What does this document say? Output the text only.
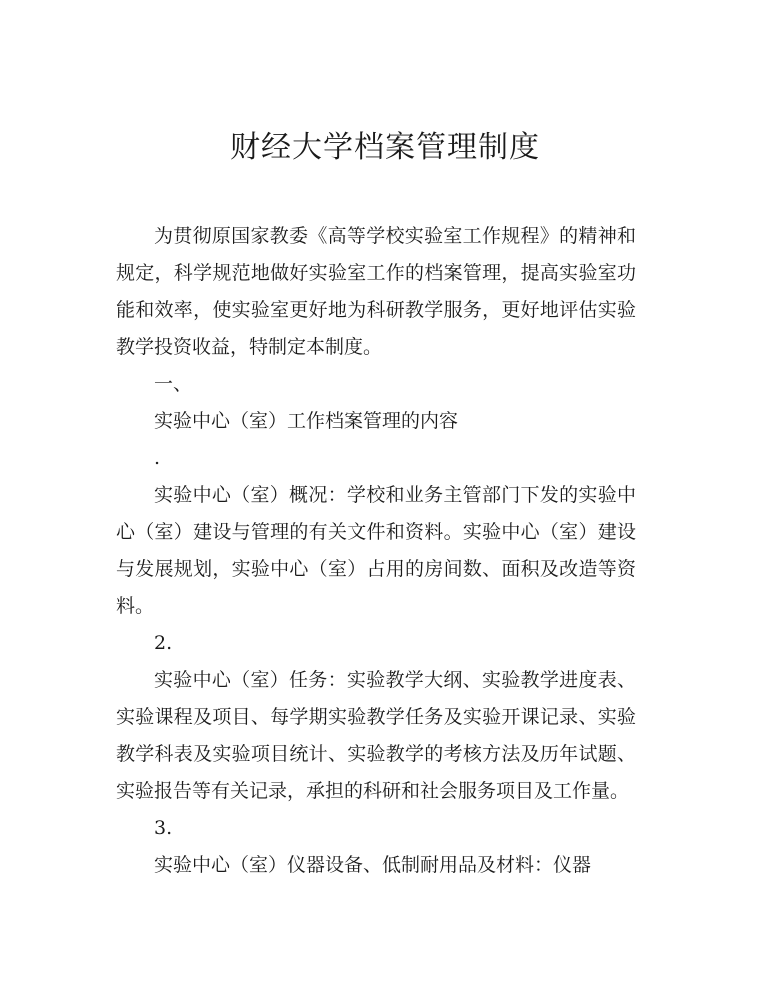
财经大学档案管理制度

为贯彻原国家教委《高等学校实验室工作规程》的精神和规定，科学规范地做好实验室工作的档案管理，提高实验室功能和效率，使实验室更好地为科研教学服务，更好地评估实验教学投资收益，特制定本制度。

一、

实验中心（室）工作档案管理的内容

.

实验中心（室）概况：学校和业务主管部门下发的实验中心（室）建设与管理的有关文件和资料。实验中心（室）建设与发展规划，实验中心（室）占用的房间数、面积及改造等资料。

2.

实验中心（室）任务：实验教学大纲、实验教学进度表、实验课程及项目、每学期实验教学任务及实验开课记录、实验教学科表及实验项目统计、实验教学的考核方法及历年试题、实验报告等有关记录，承担的科研和社会服务项目及工作量。

3.

实验中心（室）仪器设备、低制耐用品及材料：仪器
